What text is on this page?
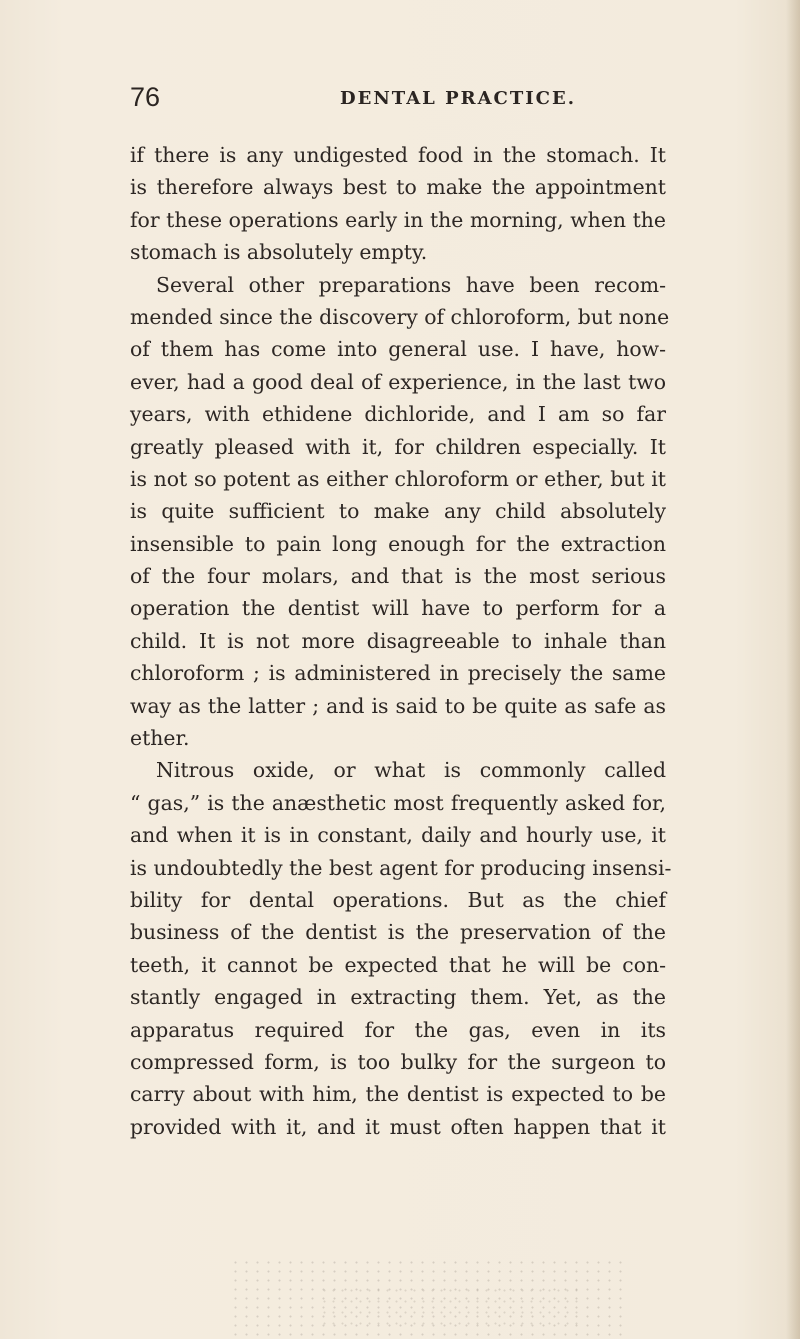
76	DENTAL PRACTICE.
if there is any undigested food in the stomach. It
is therefore always best to make the appointment
for these operations early in the morning, when the
stomach is absolutely empty.
Several other preparations have been recom-
mended since the discovery of chloroform, but none
of them has come into general use. I have, how-
ever, had a good deal of experience, in the last two
years, with ethidene dichloride, and I am so far
greatly pleased with it, for children especially. It
is not so potent as either chloroform or ether, but it
is quite sufficient to make any child absolutely
insensible to pain long enough for the extraction
of the four molars, and that is the most serious
operation the dentist will have to perform for a
child. It is not more disagreeable to inhale than
chloroform ; is administered in precisely the same
way as the latter ; and is said to be quite as safe as
ether.
Nitrous oxide, or what is commonly called
“ gas,” is the anæsthetic most frequently asked for,
and when it is in constant, daily and hourly use, it
is undoubtedly the best agent for producing insensi-
bility for dental operations. But as the chief
business of the dentist is the preservation of the
teeth, it cannot be expected that he will be con-
stantly engaged in extracting them. Yet, as the
apparatus required for the gas, even in its
compressed form, is too bulky for the surgeon to
carry about with him, the dentist is expected to be
provided with it, and it must often happen that it
